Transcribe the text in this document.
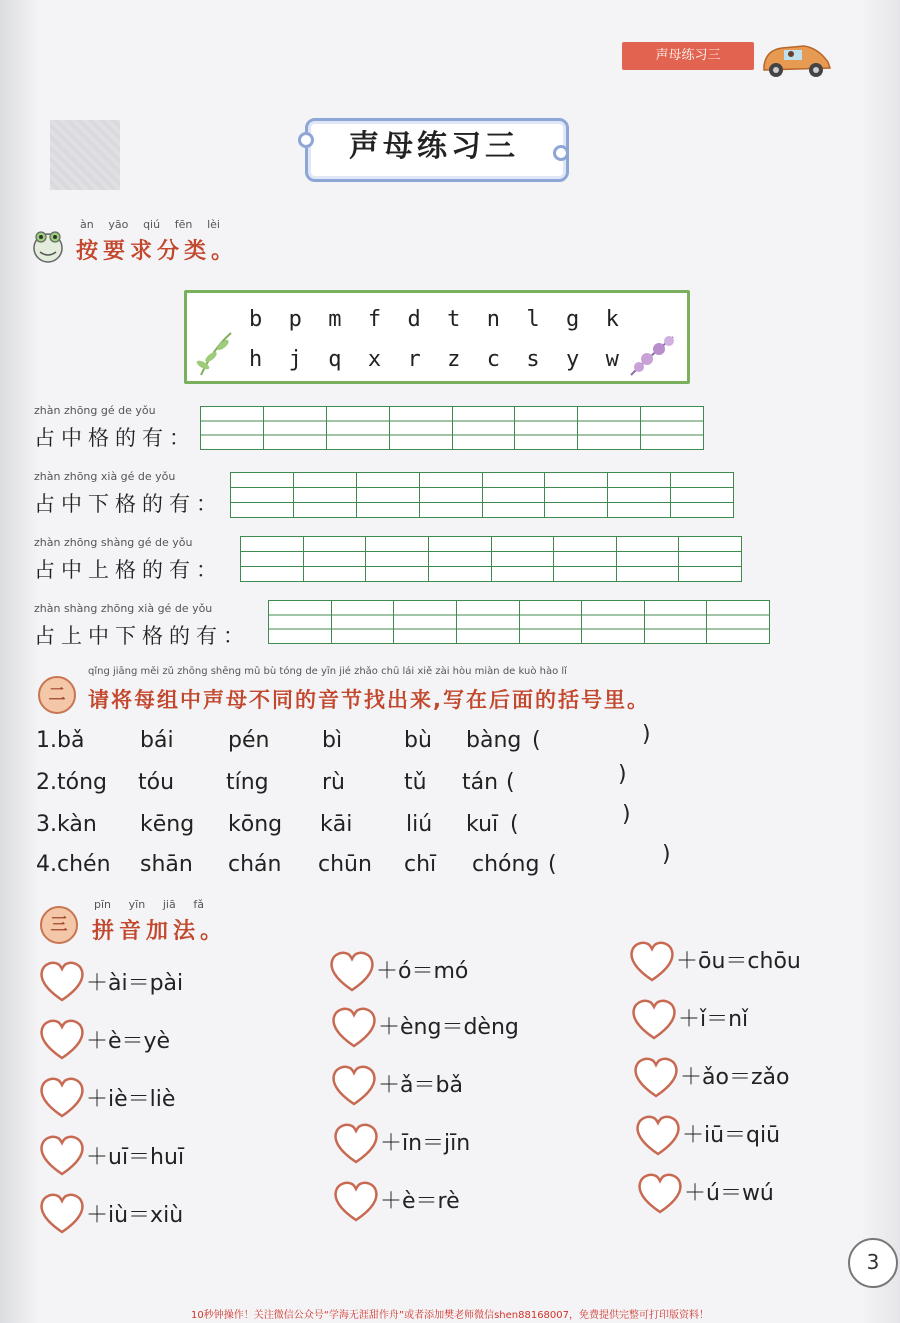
声母练习三
声母练习三
àn yāo qiú fēn lèi
按要求分类。
b p m f d t n l g k
h j q x r z c s y w
zhàn zhōng gé de yǒu
占中格的有：
zhàn zhōng xià gé de yǒu
占中下格的有：
zhàn zhōng shàng gé de yǒu
占中上格的有：
zhàn shàng zhōng xià gé de yǒu
占上中下格的有：
二
qǐng jiāng měi zǔ zhōng shēng mǔ bù tóng de yīn jié zhǎo chū lái xiě zài hòu miàn de kuò hào lǐ
请将每组中声母不同的音节找出来,写在后面的括号里。
1.bǎ	bái pén bì	bù bàng (	)
2.tóng tóu tíng rù	tǔ tán (	)
3.kàn kēng kōng kāi liú kuī (	)
4.chén shān chán chūn chī chóng (	)
三
pīn yīn jiā fǎ
拼音加法。
＋ài＝pài
＋è＝yè
＋iè＝liè
＋uī＝huī
＋iù＝xiù
＋ó＝mó
＋èng＝dèng
＋ǎ＝bǎ
＋īn＝jīn
＋è＝rè
＋ōu＝chōu
＋ǐ＝nǐ
＋ǎo＝zǎo
＋iū＝qiū
＋ú＝wú
3
10秒钟操作！关注微信公众号“学海无涯甜作舟”或者添加樊老师微信shen88168007，免费提供完整可打印版资料！
